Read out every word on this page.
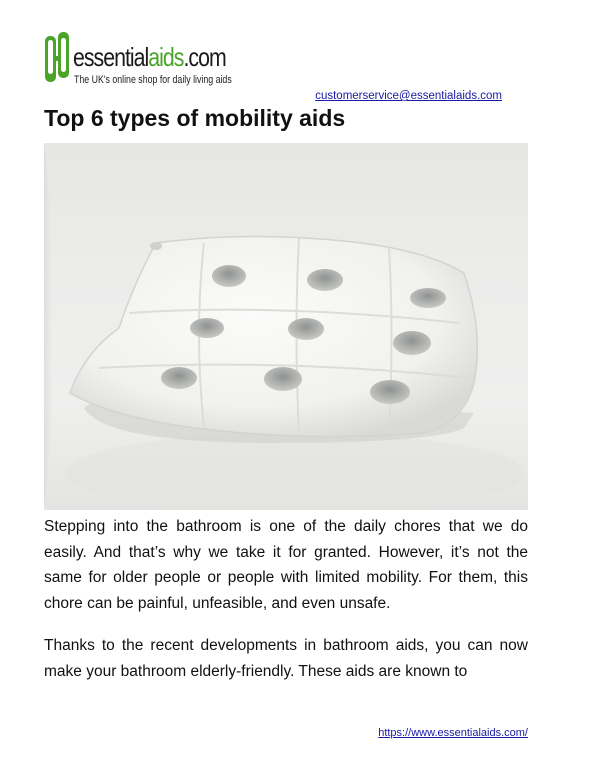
essentialaids.com
The UK's online shop for daily living aids
customerservice@essentialaids.com
Top 6 types of mobility aids

Stepping into the bathroom is one of the daily chores that we do easily. And that’s why we take it for granted. However, it’s not the same for older people or people with limited mobility. For them, this chore can be painful, unfeasible, and even unsafe.

Thanks to the recent developments in bathroom aids, you can now make your bathroom elderly-friendly. These aids are known to

https://www.essentialaids.com/
